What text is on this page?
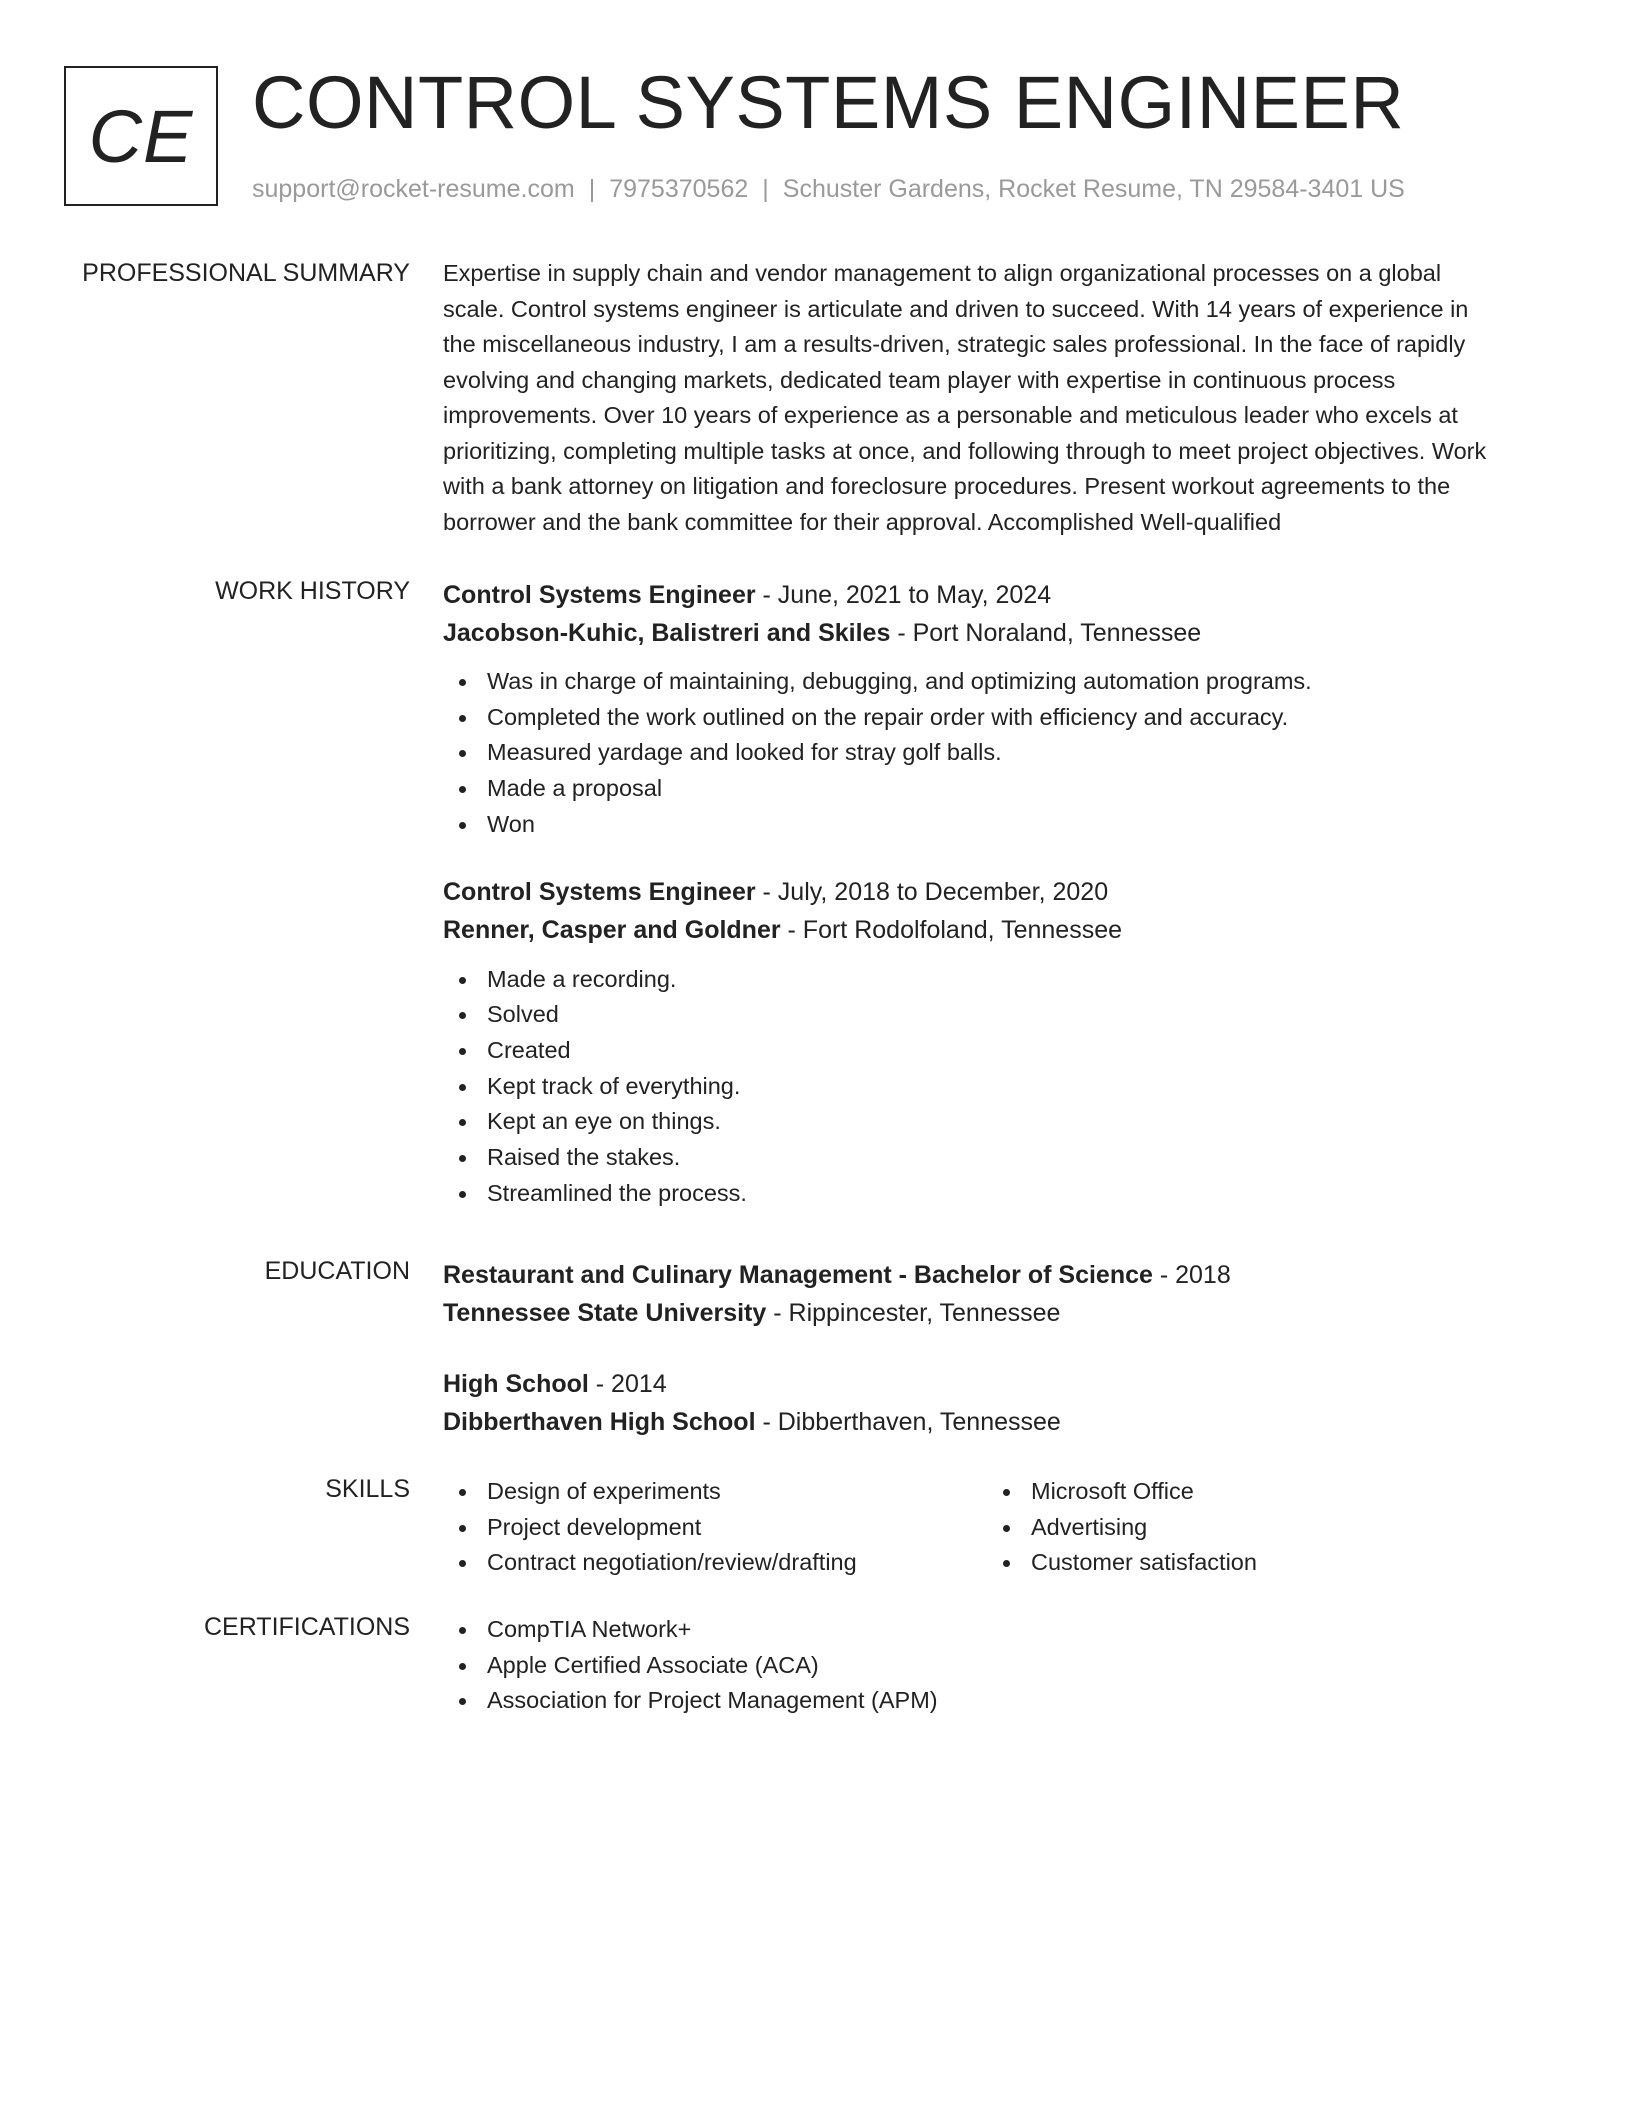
CE CONTROL SYSTEMS ENGINEER
support@rocket-resume.com | 7975370562 | Schuster Gardens, Rocket Resume, TN 29584-3401 US
PROFESSIONAL SUMMARY Expertise in supply chain and vendor management to align organizational processes on a global
scale. Control systems engineer is articulate and driven to succeed. With 14 years of experience in
the miscellaneous industry, I am a results-driven, strategic sales professional. In the face of rapidly
evolving and changing markets, dedicated team player with expertise in continuous process
improvements. Over 10 years of experience as a personable and meticulous leader who excels at
prioritizing, completing multiple tasks at once, and following through to meet project objectives. Work
with a bank attorney on litigation and foreclosure procedures. Present workout agreements to the
borrower and the bank committee for their approval. Accomplished Well-qualified

WORK HISTORY Control Systems Engineer - June, 2021 to May, 2024
Jacobson-Kuhic, Balistreri and Skiles - Port Noraland, Tennessee
Was in charge of maintaining, debugging, and optimizing automation programs.
Completed the work outlined on the repair order with efficiency and accuracy.
Measured yardage and looked for stray golf balls.
Made a proposal
Won
Control Systems Engineer - July, 2018 to December, 2020
Renner, Casper and Goldner - Fort Rodolfoland, Tennessee
Made a recording.
Solved
Created
Kept track of everything.
Kept an eye on things.
Raised the stakes.
Streamlined the process.
EDUCATION Restaurant and Culinary Management - Bachelor of Science - 2018
Tennessee State University - Rippincester, Tennessee
High School - 2014
Dibberthaven High School - Dibberthaven, Tennessee
SKILLS	Design of experiments
Project development
Contract negotiation/review/drafting
Microsoft Office
Advertising
Customer satisfaction
CERTIFICATIONS	CompTIA Network+
Apple Certified Associate (ACA)
Association for Project Management (APM)
